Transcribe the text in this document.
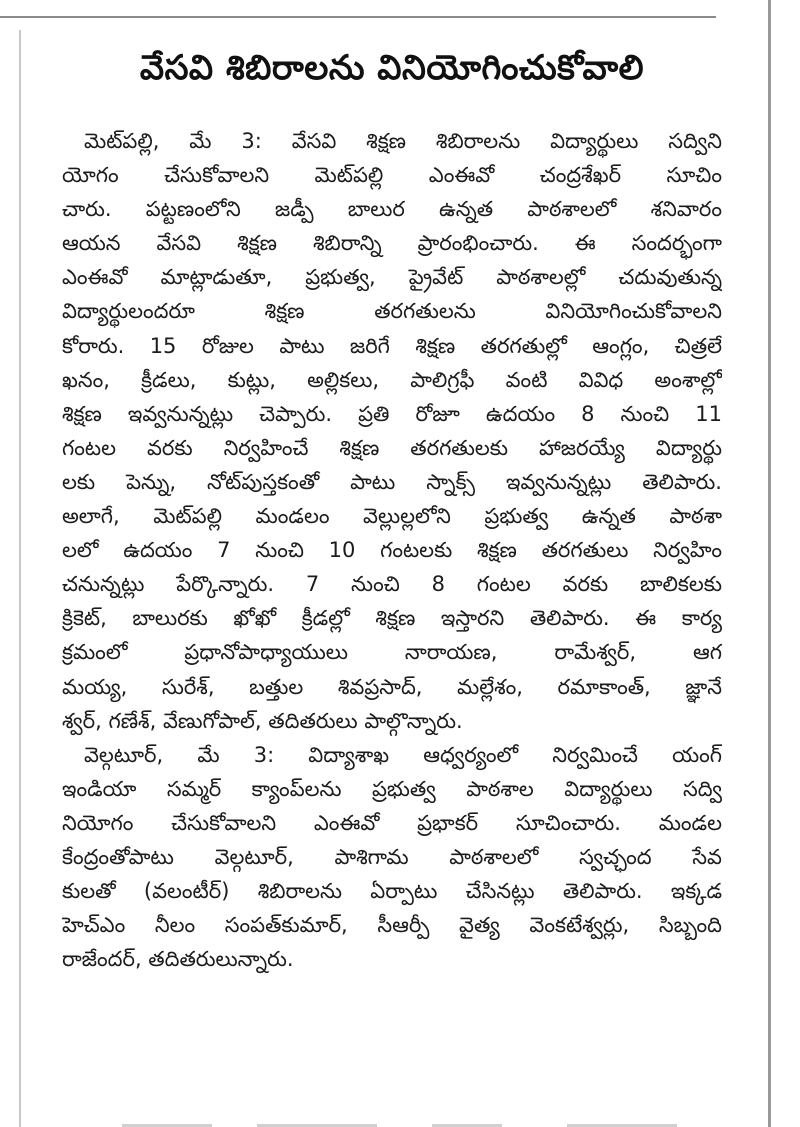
వేసవి శిబిరాలను వినియోగించుకోవాలి
మెట్‌పల్లి, మే 3: వేసవి శిక్షణ శిబిరాలను విద్యార్థులు సద్విని
యోగం చేసుకోవాలని మెట్‌పల్లి ఎంఈవో చంద్రశేఖర్ సూచిం
చారు. పట్టణంలోని జడ్పీ బాలుర ఉన్నత పాఠశాలలో శనివారం
ఆయన వేసవి శిక్షణ శిబిరాన్ని ప్రారంభించారు. ఈ సందర్భంగా
ఎంఈవో మాట్లాడుతూ, ప్రభుత్వ, ప్రైవేట్ పాఠశాలల్లో చదువుతున్న
విద్యార్థులందరూ శిక్షణ తరగతులను వినియోగించుకోవాలని
కోరారు. 15 రోజుల పాటు జరిగే శిక్షణ తరగతుల్లో ఆంగ్లం, చిత్రలే
ఖనం, క్రీడలు, కుట్లు, అల్లికలు, పాలిగ్రఫీ వంటి వివిధ అంశాల్లో
శిక్షణ ఇవ్వనున్నట్లు చెప్పారు. ప్రతి రోజూ ఉదయం 8 నుంచి 11
గంటల వరకు నిర్వహించే శిక్షణ తరగతులకు హాజరయ్యే విద్యార్థు
లకు పెన్ను, నోట్‌పుస్తకంతో పాటు స్నాక్స్ ఇవ్వనున్నట్లు తెలిపారు.
అలాగే, మెట్‌పల్లి మండలం వెల్లుల్లలోని ప్రభుత్వ ఉన్నత పాఠశా
లలో ఉదయం 7 నుంచి 10 గంటలకు శిక్షణ తరగతులు నిర్వహిం
చనున్నట్లు పేర్కొన్నారు. 7 నుంచి 8 గంటల వరకు బాలికలకు
క్రికెట్, బాలురకు ఖోఖో క్రీడల్లో శిక్షణ ఇస్తారని తెలిపారు. ఈ కార్య
క్రమంలో ప్రధానోపాధ్యాయులు నారాయణ, రామేశ్వర్, ఆగ
మయ్య, సురేశ్, బత్తుల శివప్రసాద్, మల్లేశం, రమాకాంత్, జ్ఞానే
శ్వర్, గణేశ్, వేణుగోపాల్, తదితరులు పాల్గొన్నారు.
వెల్గటూర్, మే 3: విద్యాశాఖ ఆధ్వర్యంలో నిర్వమించే యంగ్
ఇండియా సమ్మర్ క్యాంప్‌లను ప్రభుత్వ పాఠశాల విద్యార్థులు సద్వి
నియోగం చేసుకోవాలని ఎంఈవో ప్రభాకర్ సూచించారు. మండల
కేంద్రంతోపాటు వెల్గటూర్, పాశిగామ పాఠశాలలో స్వచ్ఛంద సేవ
కులతో (వలంటీర్) శిబిరాలను ఏర్పాటు చేసినట్లు తెలిపారు. ఇక్కడ
హెచ్‌ఎం నీలం సంపత్‌కుమార్, సీఆర్పీ వైత్య వెంకటేశ్వర్లు, సిబ్బంది
రాజేందర్, తదితరులున్నారు.
